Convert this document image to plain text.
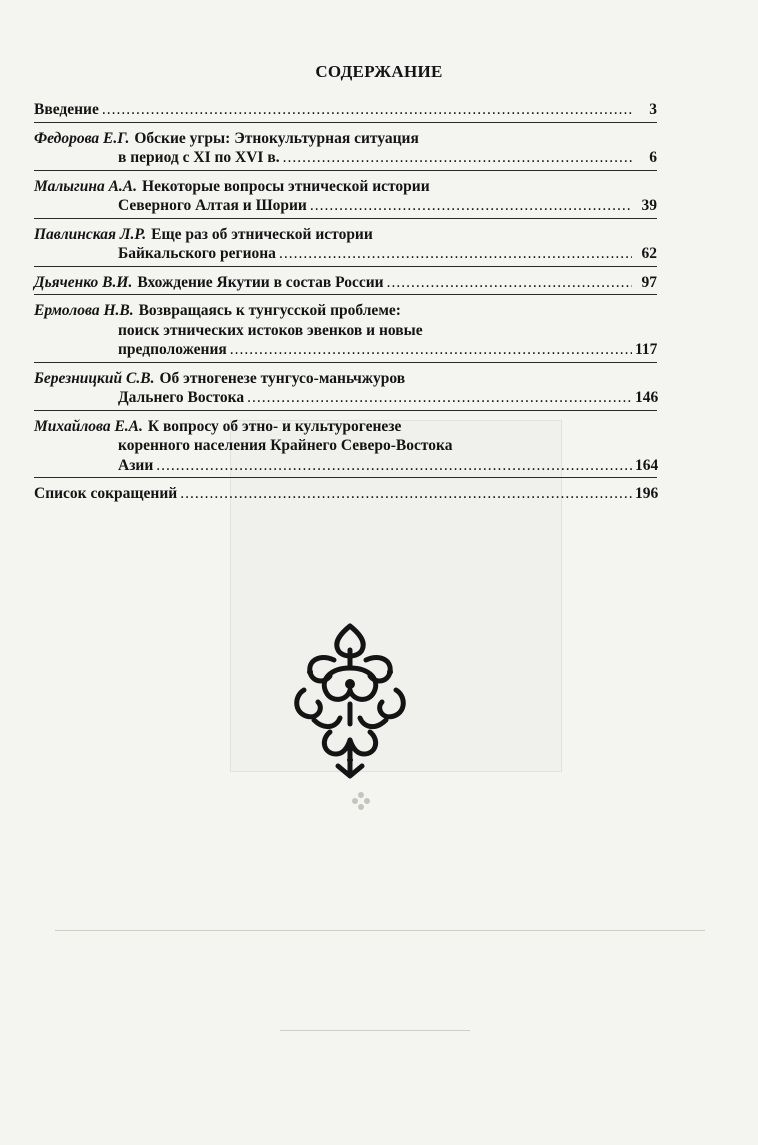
СОДЕРЖАНИЕ
Введение .....	3
Федорова Е.Г. Обские угры: Этнокультурная ситуация
в период с XI по XVI в. .....	6
Малыгина А.А. Некоторые вопросы этнической истории
Северного Алтая и Шории .....	39
Павлинская Л.Р. Еще раз об этнической истории
Байкальского региона .....	62
Дьяченко В.И. Вхождение Якутии в состав России .....	97
Ермолова Н.В. Возвращаясь к тунгусской проблеме:
поиск этнических истоков эвенков и новые
предположения .....	117
Березницкий С.В. Об этногенезе тунгусо-маньчжуров
Дальнего Востока .....	146
Михайлова Е.А. К вопросу об этно- и культурогенезе
коренного населения Крайнего Северо-Востока
Азии .....	164
Список сокращений .....	196
